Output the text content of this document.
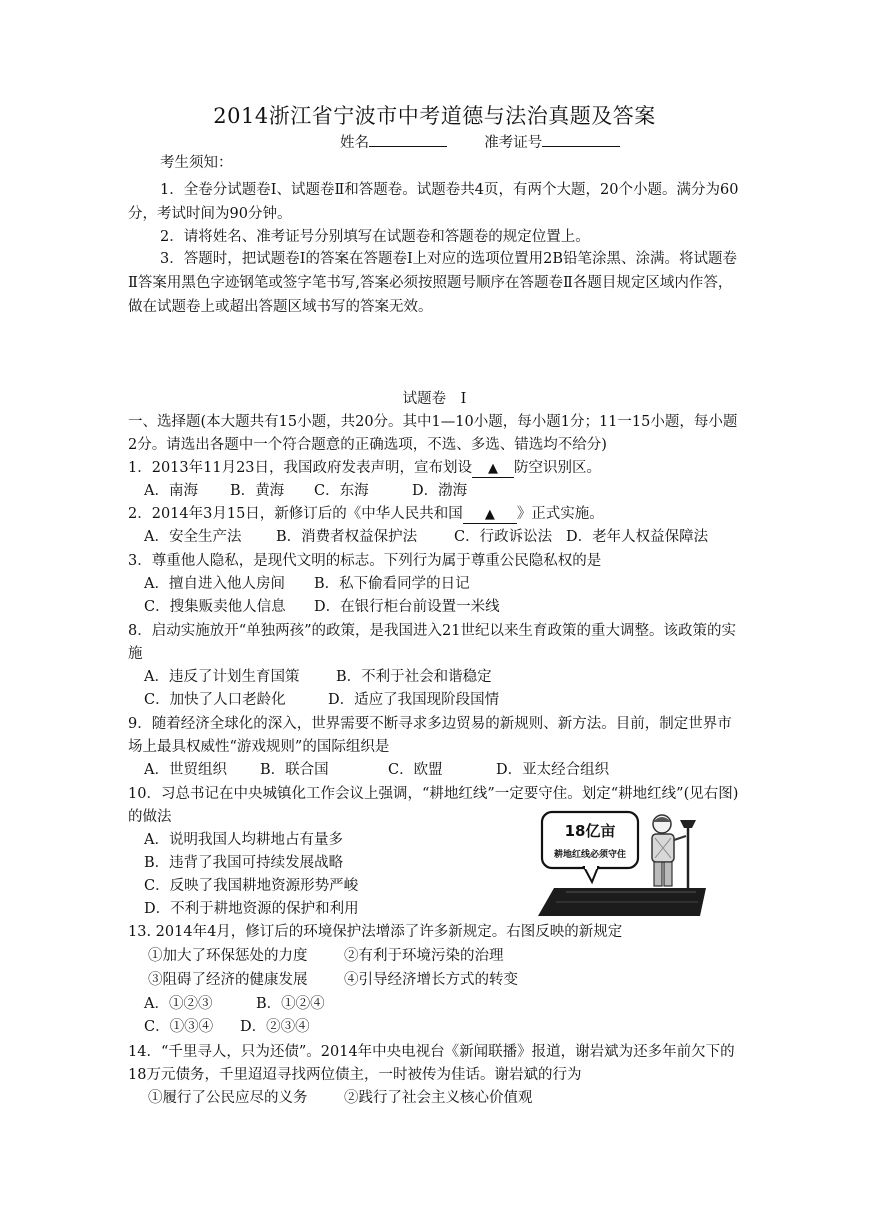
2014浙江省宁波市中考道德与法治真题及答案
姓名	准考证号
考生须知：
1．全卷分试题卷Ⅰ、试题卷Ⅱ和答题卷。试题卷共4页，有两个大题，20个小题。满分为60分，考试时间为90分钟。
2．请将姓名、准考证号分别填写在试题卷和答题卷的规定位置上。
3．答题时，把试题卷Ⅰ的答案在答题卷Ⅰ上对应的选项位置用2B铅笔涂黑、涂满。将试题卷Ⅱ答案用黑色字迹钢笔或签字笔书写,答案必须按照题号顺序在答题卷Ⅱ各题目规定区域内作答，做在试题卷上或超出答题区域书写的答案无效。
试题卷　Ⅰ
一、选择题(本大题共有15小题，共20分。其中1—10小题，每小题1分；11一15小题，每小题2分。请选出各题中一个符合题意的正确选项，不选、多选、错选均不给分)
1．2013年11月23日，我国政府发表声明，宣布划设 ▲ 防空识别区。
A．南海 B．黄海 C．东海	D．渤海
2．2014年3月15日，新修订后的《中华人民共和国 ▲ 》正式实施。
A．安全生产法 B．消费者权益保护法	C．行政诉讼法 D．老年人权益保障法
3．尊重他人隐私，是现代文明的标志。下列行为属于尊重公民隐私权的是
A．擅自进入他人房间 B．私下偷看同学的日记
C．搜集贩卖他人信息 D．在银行柜台前设置一米线
8．启动实施放开“单独两孩”的政策，是我国进入21世纪以来生育政策的重大调整。该政策的实施
A．违反了计划生育国策	B．不利于社会和谐稳定
C．加快了人口老龄化	D．适应了我国现阶段国情
9．随着经济全球化的深入，世界需要不断寻求多边贸易的新规则、新方法。目前，制定世界市场上最具权威性“游戏规则”的国际组织是
A．世贸组织 B．联合国	C．欧盟	D．亚太经合组织
10．习总书记在中央城镇化工作会议上强调，“耕地红线”一定要守住。划定“耕地红线”(见右图)的做法
A．说明我国人均耕地占有量多
B．违背了我国可持续发展战略
C．反映了我国耕地资源形势严峻
D．不利于耕地资源的保护和利用
18亿亩
耕地红线必须守住
13. 2014年4月，修订后的环境保护法增添了许多新规定。右图反映的新规定
①加大了环保惩处的力度	②有利于环境污染的治理
③阻碍了经济的健康发展	④引导经济增长方式的转变
A．①②③	B．①②④
C．①③④ D．②③④
14．“千里寻人，只为还债”。2014年中央电视台《新闻联播》报道，谢岩斌为还多年前欠下的18万元债务，千里迢迢寻找两位债主，一时被传为佳话。谢岩斌的行为
①履行了公民应尽的义务	②践行了社会主义核心价值观
